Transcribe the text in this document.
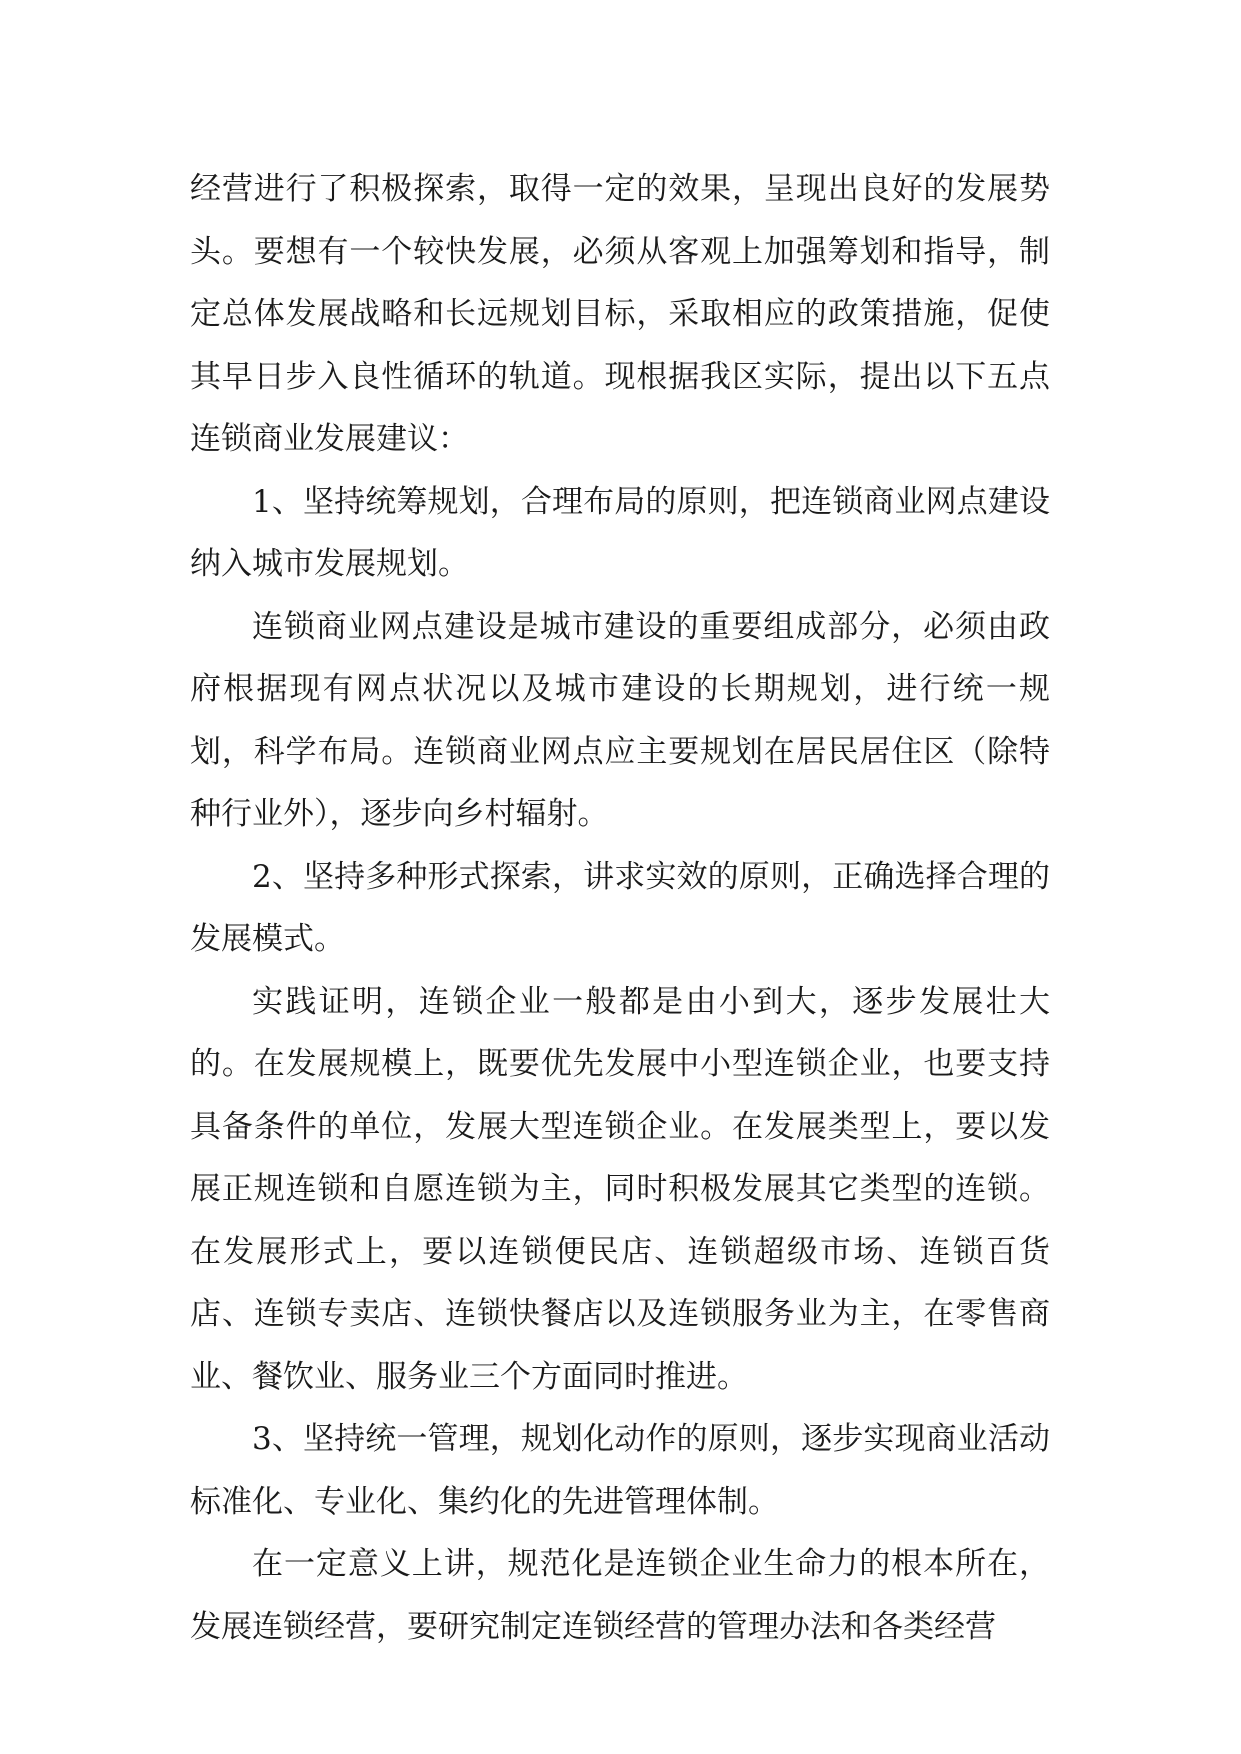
经营进行了积极探索，取得一定的效果，呈现出良好的发展势头。要想有一个较快发展，必须从客观上加强筹划和指导，制定总体发展战略和长远规划目标，采取相应的政策措施，促使其早日步入良性循环的轨道。现根据我区实际，提出以下五点连锁商业发展建议：

1、坚持统筹规划，合理布局的原则，把连锁商业网点建设纳入城市发展规划。

连锁商业网点建设是城市建设的重要组成部分，必须由政府根据现有网点状况以及城市建设的长期规划，进行统一规划，科学布局。连锁商业网点应主要规划在居民居住区（除特种行业外），逐步向乡村辐射。

2、坚持多种形式探索，讲求实效的原则，正确选择合理的发展模式。

实践证明，连锁企业一般都是由小到大，逐步发展壮大的。在发展规模上，既要优先发展中小型连锁企业，也要支持具备条件的单位，发展大型连锁企业。在发展类型上，要以发展正规连锁和自愿连锁为主，同时积极发展其它类型的连锁。在发展形式上，要以连锁便民店、连锁超级市场、连锁百货店、连锁专卖店、连锁快餐店以及连锁服务业为主，在零售商业、餐饮业、服务业三个方面同时推进。

3、坚持统一管理，规划化动作的原则，逐步实现商业活动标准化、专业化、集约化的先进管理体制。

在一定意义上讲，规范化是连锁企业生命力的根本所在，发展连锁经营，要研究制定连锁经营的管理办法和各类经营
